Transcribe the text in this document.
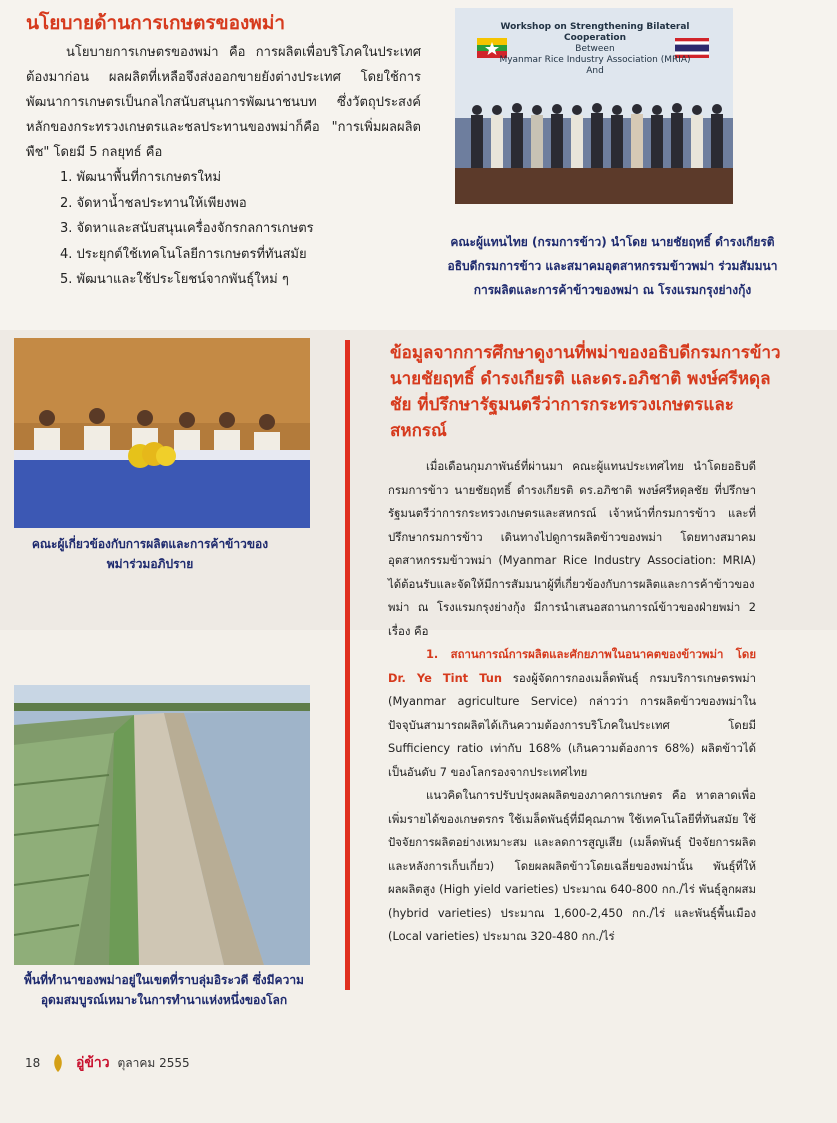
นโยบายด้านการเกษตรของพม่า
นโยบายการเกษตรของพม่า คือ การผลิตเพื่อบริโภคในประเทศต้องมาก่อน ผลผลิตที่เหลือจึงส่งออกขายยังต่างประเทศ โดยใช้การพัฒนาการเกษตรเป็นกลไกสนับสนุนการพัฒนาชนบท ซึ่งวัตถุประสงค์หลักของกระทรวงเกษตรและชลประทานของพม่าก็คือ "การเพิ่มผลผลิตพืช" โดยมี 5 กลยุทธ์ คือ
1. พัฒนาพื้นที่การเกษตรใหม่
2. จัดหาน้ำชลประทานให้เพียงพอ
3. จัดหาและสนับสนุนเครื่องจักรกลการเกษตร
4. ประยุกต์ใช้เทคโนโลยีการเกษตรที่ทันสมัย
5. พัฒนาและใช้ประโยชน์จากพันธุ์ใหม่ ๆ
Workshop on Strengthening Bilateral
Cooperation
Between
Myanmar Rice Industry Association (MRIA)
And
คณะผู้แทนไทย (กรมการข้าว) นำโดย นายชัยฤทธิ์ ดำรงเกียรติ อธิบดีกรมการข้าว และสมาคมอุตสาหกรรมข้าวพม่า ร่วมสัมมนาการผลิตและการค้าข้าวของพม่า ณ โรงแรมกรุงย่างกุ้ง
คณะผู้เกี่ยวข้องกับการผลิตและการค้าข้าวของพม่าร่วมอภิปราย
ข้อมูลจากการศึกษาดูงานที่พม่าของอธิบดีกรมการข้าว นายชัยฤทธิ์ ดำรงเกียรติ และดร.อภิชาติ พงษ์ศรีหดุลชัย ที่ปรึกษารัฐมนตรีว่าการกระทรวงเกษตรและสหกรณ์

เมื่อเดือนกุมภาพันธ์ที่ผ่านมา คณะผู้แทนประเทศไทย นำโดยอธิบดีกรมการข้าว นายชัยฤทธิ์ ดำรงเกียรติ ดร.อภิชาติ พงษ์ศรีหดุลชัย ที่ปรึกษารัฐมนตรีว่าการกระทรวงเกษตรและสหกรณ์ เจ้าหน้าที่กรมการข้าว และที่ปรึกษากรมการข้าว เดินทางไปดูการผลิตข้าวของพม่า โดยทางสมาคมอุตสาหกรรมข้าวพม่า (Myanmar Rice Industry Association: MRIA) ได้ต้อนรับและจัดให้มีการสัมมนาผู้ที่เกี่ยวข้องกับการผลิตและการค้าข้าวของพม่า ณ โรงแรมกรุงย่างกุ้ง มีการนำเสนอสถานการณ์ข้าวของฝ่ายพม่า 2 เรื่อง คือ

1. สถานการณ์การผลิตและศักยภาพในอนาคตของข้าวพม่า โดย Dr. Ye Tint Tun รองผู้จัดการกองเมล็ดพันธุ์ กรมบริการเกษตรพม่า (Myanmar agriculture Service) กล่าวว่า การผลิตข้าวของพม่าในปัจจุบันสามารถผลิตได้เกินความต้องการบริโภคในประเทศ โดยมี Sufficiency ratio เท่ากับ 168% (เกินความต้องการ 68%) ผลิตข้าวได้เป็นอันดับ 7 ของโลกรองจากประเทศไทย

แนวคิดในการปรับปรุงผลผลิตของภาคการเกษตร คือ หาตลาดเพื่อเพิ่มรายได้ของเกษตรกร ใช้เมล็ดพันธุ์ที่มีคุณภาพ ใช้เทคโนโลยีที่ทันสมัย ใช้ปัจจัยการผลิตอย่างเหมาะสม และลดการสูญเสีย (เมล็ดพันธุ์ ปัจจัยการผลิต และหลังการเก็บเกี่ยว) โดยผลผลิตข้าวโดยเฉลี่ยของพม่านั้น พันธุ์ที่ให้ผลผลิตสูง (High yield varieties) ประมาณ 640-800 กก./ไร่ พันธุ์ลูกผสม (hybrid varieties) ประมาณ 1,600-2,450 กก./ไร่ และพันธุ์พื้นเมือง (Local varieties) ประมาณ 320-480 กก./ไร่

พื้นที่ทำนาของพม่าอยู่ในเขตที่ราบลุ่มอิระวดี ซึ่งมีความอุดมสมบูรณ์เหมาะในการทำนาแห่งหนึ่งของโลก
18	อู่ข้าว ตุลาคม 2555
